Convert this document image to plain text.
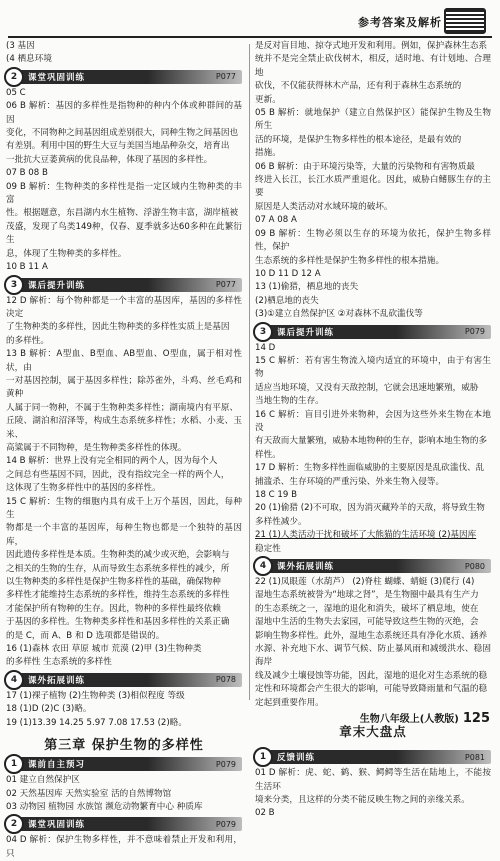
参考答案及解析

(3 基因

(4 栖息环境

2	课堂巩固训练	P077

05 C

06 B 解析：基因的多样性是指物种的种内个体或种群间的基因

变化，不同物种之间基因组成差别很大，同种生物之间基因也

有差别。利用中国的野生大豆与美国当地品种杂交，培育出

一批抗大豆萎黄病的优良品种，体现了基因的多样性。

07 B 08 B

09 B 解析：生物种类的多样性是指一定区域内生物种类的丰富

性。根据题意，东昌湖内水生植物、浮游生物丰富，湖岸植被

茂盛，发现了鸟类149种，仅春、夏季就多达60多种在此繁衍生

息，体现了生物种类的多样性。

10 B 11 A

3	课后提升训练	P077

12 D 解析：每个物种都是一个丰富的基因库，基因的多样性决定

了生物种类的多样性，因此生物种类的多样性实质上是基因

的多样性。

13 B 解析：A型血、B型血、AB型血、O型血，属于相对性状，由

一对基因控制，属于基因多样性；除苏雀外，斗鸡、丝毛鸡和黄种

人属于同一物种，不属于生物种类多样性；湖南境内有平原、

丘陵、湖泊和沼泽等，构成生态系统多样性；水稻、小麦、玉米、

高粱属于不同物种，是生物种类多样性的体现。

14 B 解析：世界上没有完全相同的两个人，因为每个人

之间总有些基因不同，因此，没有指纹完全一样的两个人，

这体现了生物多样性中的基因的多样性。

15 C 解析：生物的细胞内具有成千上万个基因，因此，每种生

物都是一个丰富的基因库，每种生物也都是一个独特的基因库，

因此遗传多样性是本质。生物种类的减少或灭绝，会影响与

之相关的生物的生存，从而导致生态系统多样性的减少，所

以生物种类的多样性是保护生物多样性的基础，确保物种

多样性才能维持生态系统的多样性，维持生态系统的多样性

才能保护所有物种的生存。因此，物种的多样性最终依赖

于基因的多样性。生物种类多样性和基因多样性的关系正确

的是 C，而 A、B 和 D 选项都是错误的。

16 (1)森林 农田 草原 城市 荒漠 (2)甲 (3)生物种类

的多样性 生态系统的多样性

4	课外拓展训练	P078

17 (1)裸子植物 (2)生物种类 (3)相似程度 等级

18 (1)D (2)C (3)略。

19 (1)13.39 14.25 5.97 7.08 17.53 (2)略。

第三章 保护生物的多样性
1	课前自主预习	P079

01 建立自然保护区

02 天然基因库 天然实验室 活的自然博物馆

03 动物园 植物园 水族馆 濒危动物繁育中心 种质库

2	课堂巩固训练	P079

04 D 解析：保护生物多样性，并不意味着禁止开发和利用，只

是反对盲目地、掠夺式地开发和利用。例如，保护森林生态系

统并不是完全禁止砍伐树木，相反，适时地、有计划地、合理地

砍伐，不仅能获得林木产品，还有利于森林生态系统的

更新。

05 B 解析：就地保护（建立自然保护区）能保护生物及生物所生

活的环境，是保护生物多样性的根本途径，是最有效的

措施。

06 B 解析：由于环境污染等，大量的污染物和有害物质最

终进入长江，长江水质严重退化。因此，威胁白鳍豚生存的主要

原因是人类活动对水域环境的破坏。

07 A 08 A

09 B 解析：生物必须以生存的环境为依托，保护生物多样性，保护

生态系统的多样性是保护生物多样性的根本措施。

10 D 11 D 12 A

13 (1)偷猎，栖息地的丧失

(2)栖息地的丧失

(3)①建立自然保护区 ②对森林不乱砍滥伐等

3	课后提升训练	P079

14 D

15 C 解析：若有害生物流入境内适宜的环境中，由于有害生物

适应当地环境，又没有天敌控制，它就会迅速地繁殖，威胁

当地生物的生存。

16 C 解析：盲目引进外来物种，会因为这些外来生物在本地没

有天敌而大量繁殖，威胁本地物种的生存，影响本地生物的多

样性。

17 D 解析：生物多样性面临威胁的主要原因是乱砍滥伐、乱

捕滥杀、生存环境的严重污染、外来生物入侵等。

18 C 19 B

20 (1)偷猎 (2)不可取，因为消灭藏羚羊的天敌，将导致生物

多样性减少。

21 (1)人类活动干扰和破坏了大熊猫的生活环境 (2)基因库

稳定性

4	课外拓展训练	P080

22 (1)凤眼莲（水葫芦） (2)脊柱 蝴蝶、蜻蜓 (3)爬行 (4)

湿地生态系统被誉为“地球之肾”，是生物圈中最具有生产力

的生态系统之一，湿地的退化和消失，破坏了栖息地，使在

湿地中生活的生物失去家园，可能导致这些生物的灭绝，会

影响生物多样性。此外，湿地生态系统还具有净化水质、涵养

水源、补充地下水、调节气候、防止暴风雨和减缓洪水、稳固海岸

线及减少土壤侵蚀等功能，因此，湿地的退化对生态系统的稳

定性和环境都会产生很大的影响，可能导致降雨量和气温的稳

定起到重要作用。

章末大盘点
1	反馈训练	P081

01 D 解析：虎、蛇、鹤、猴、鳄鳄等生活在陆地上，不能按生活环

境来分类，且这样的分类不能反映生物之间的亲缘关系。

02 B

生物八年级上(人教版) 125
